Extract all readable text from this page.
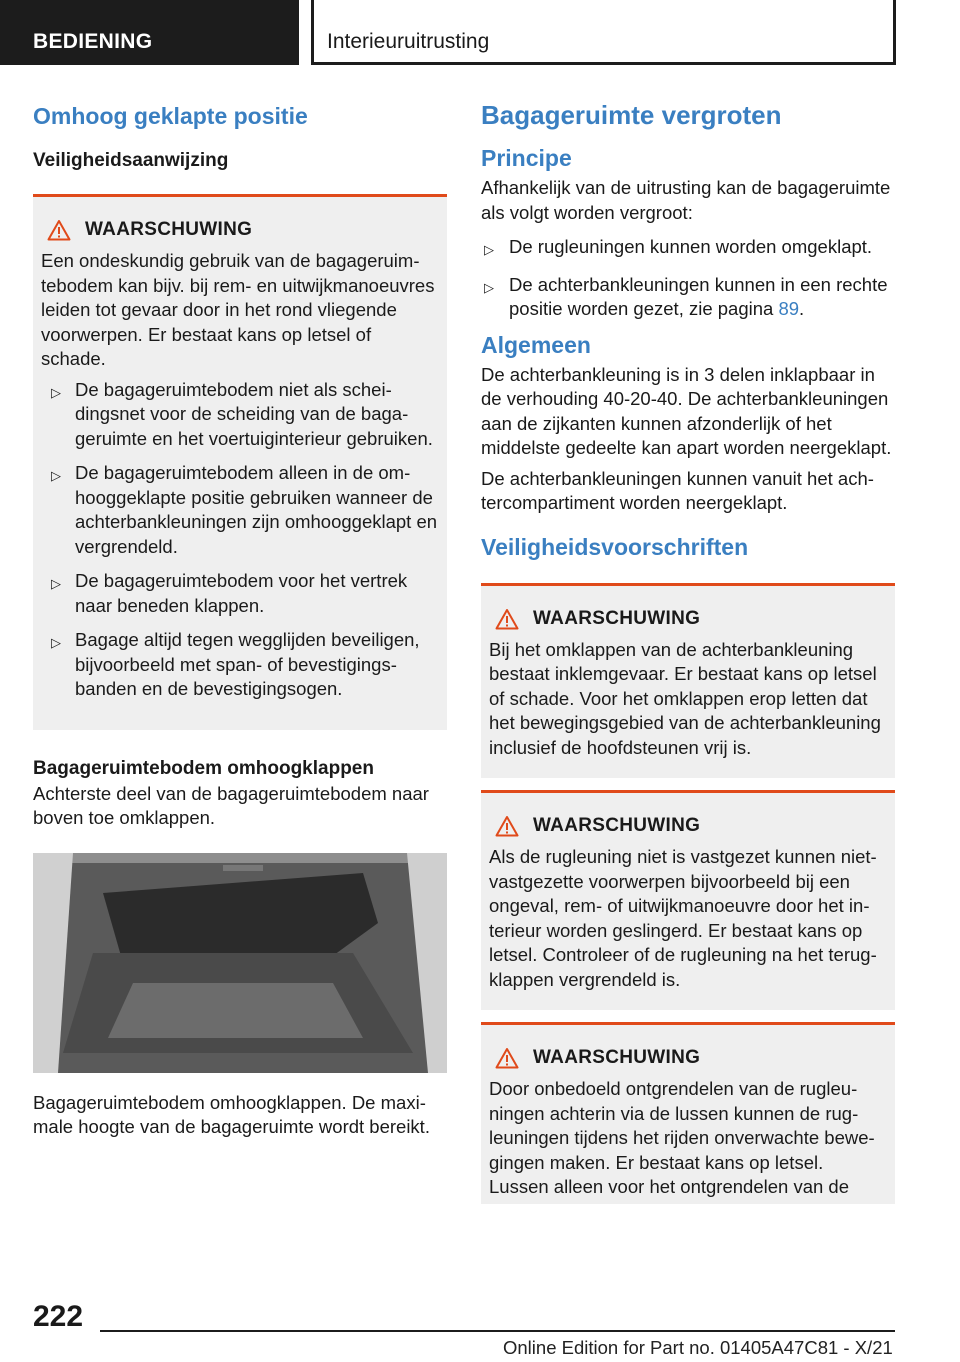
BEDIENING	Interieuruitrusting
Omhoog geklapte positie
Veiligheidsaanwijzing
WAARSCHUWING

Een ondeskundig gebruik van de bagageruimtebodem kan bijv. bij rem- en uitwijkmanoeuvres leiden tot gevaar door in het rond vliegende voorwerpen. Er bestaat kans op letsel of schade.

▷ De bagageruimtebodem niet als scheidingsnet voor de scheiding van de bagageruimte en het voertuiginterieur gebruiken.
▷ De bagageruimtebodem alleen in de omhooggeklapte positie gebruiken wanneer de achterbankleuningen zijn omhooggeklapt en vergrendeld.
▷ De bagageruimtebodem voor het vertrek naar beneden klappen.
▷ Bagage altijd tegen wegglijden beveiligen, bijvoorbeeld met span- of bevestigingsbanden en de bevestigingsogen.
Bagageruimtebodem omhoogklappen

Achterste deel van de bagageruimtebodem naar boven toe omklappen.

Bagageruimtebodem omhoogklappen. De maximale hoogte van de bagageruimte wordt bereikt.

Bagageruimte vergroten
Principe

Afhankelijk van de uitrusting kan de bagageruimte als volgt worden vergroot:

▷ De rugleuningen kunnen worden omgeklapt.
▷ De achterbankleuningen kunnen in een rechte positie worden gezet, zie pagina 89.
Algemeen

De achterbankleuning is in 3 delen inklapbaar in de verhouding 40-20-40. De achterbankleuningen aan de zijkanten kunnen afzonderlijk of het middelste gedeelte kan apart worden neergeklapt.

De achterbankleuningen kunnen vanuit het achtercompartiment worden neergeklapt.

Veiligheidsvoorschriften
WAARSCHUWING

Bij het omklappen van de achterbankleuning bestaat inklemgevaar. Er bestaat kans op letsel of schade. Voor het omklappen erop letten dat het bewegingsgebied van de achterbankleuning inclusief de hoofdsteunen vrij is.

WAARSCHUWING

Als de rugleuning niet is vastgezet kunnen niet-vastgezette voorwerpen bijvoorbeeld bij een ongeval, rem- of uitwijkmanoeuvre door het interieur worden geslingerd. Er bestaat kans op letsel. Controleer of de rugleuning na het terugklappen vergrendeld is.

WAARSCHUWING

Door onbedoeld ontgrendelen van de rugleuningen achterin via de lussen kunnen de rugleuningen tijdens het rijden onverwachte bewegingen maken. Er bestaat kans op letsel. Lussen alleen voor het ontgrendelen van de

222
Online Edition for Part no. 01405A47C81 - X/21
